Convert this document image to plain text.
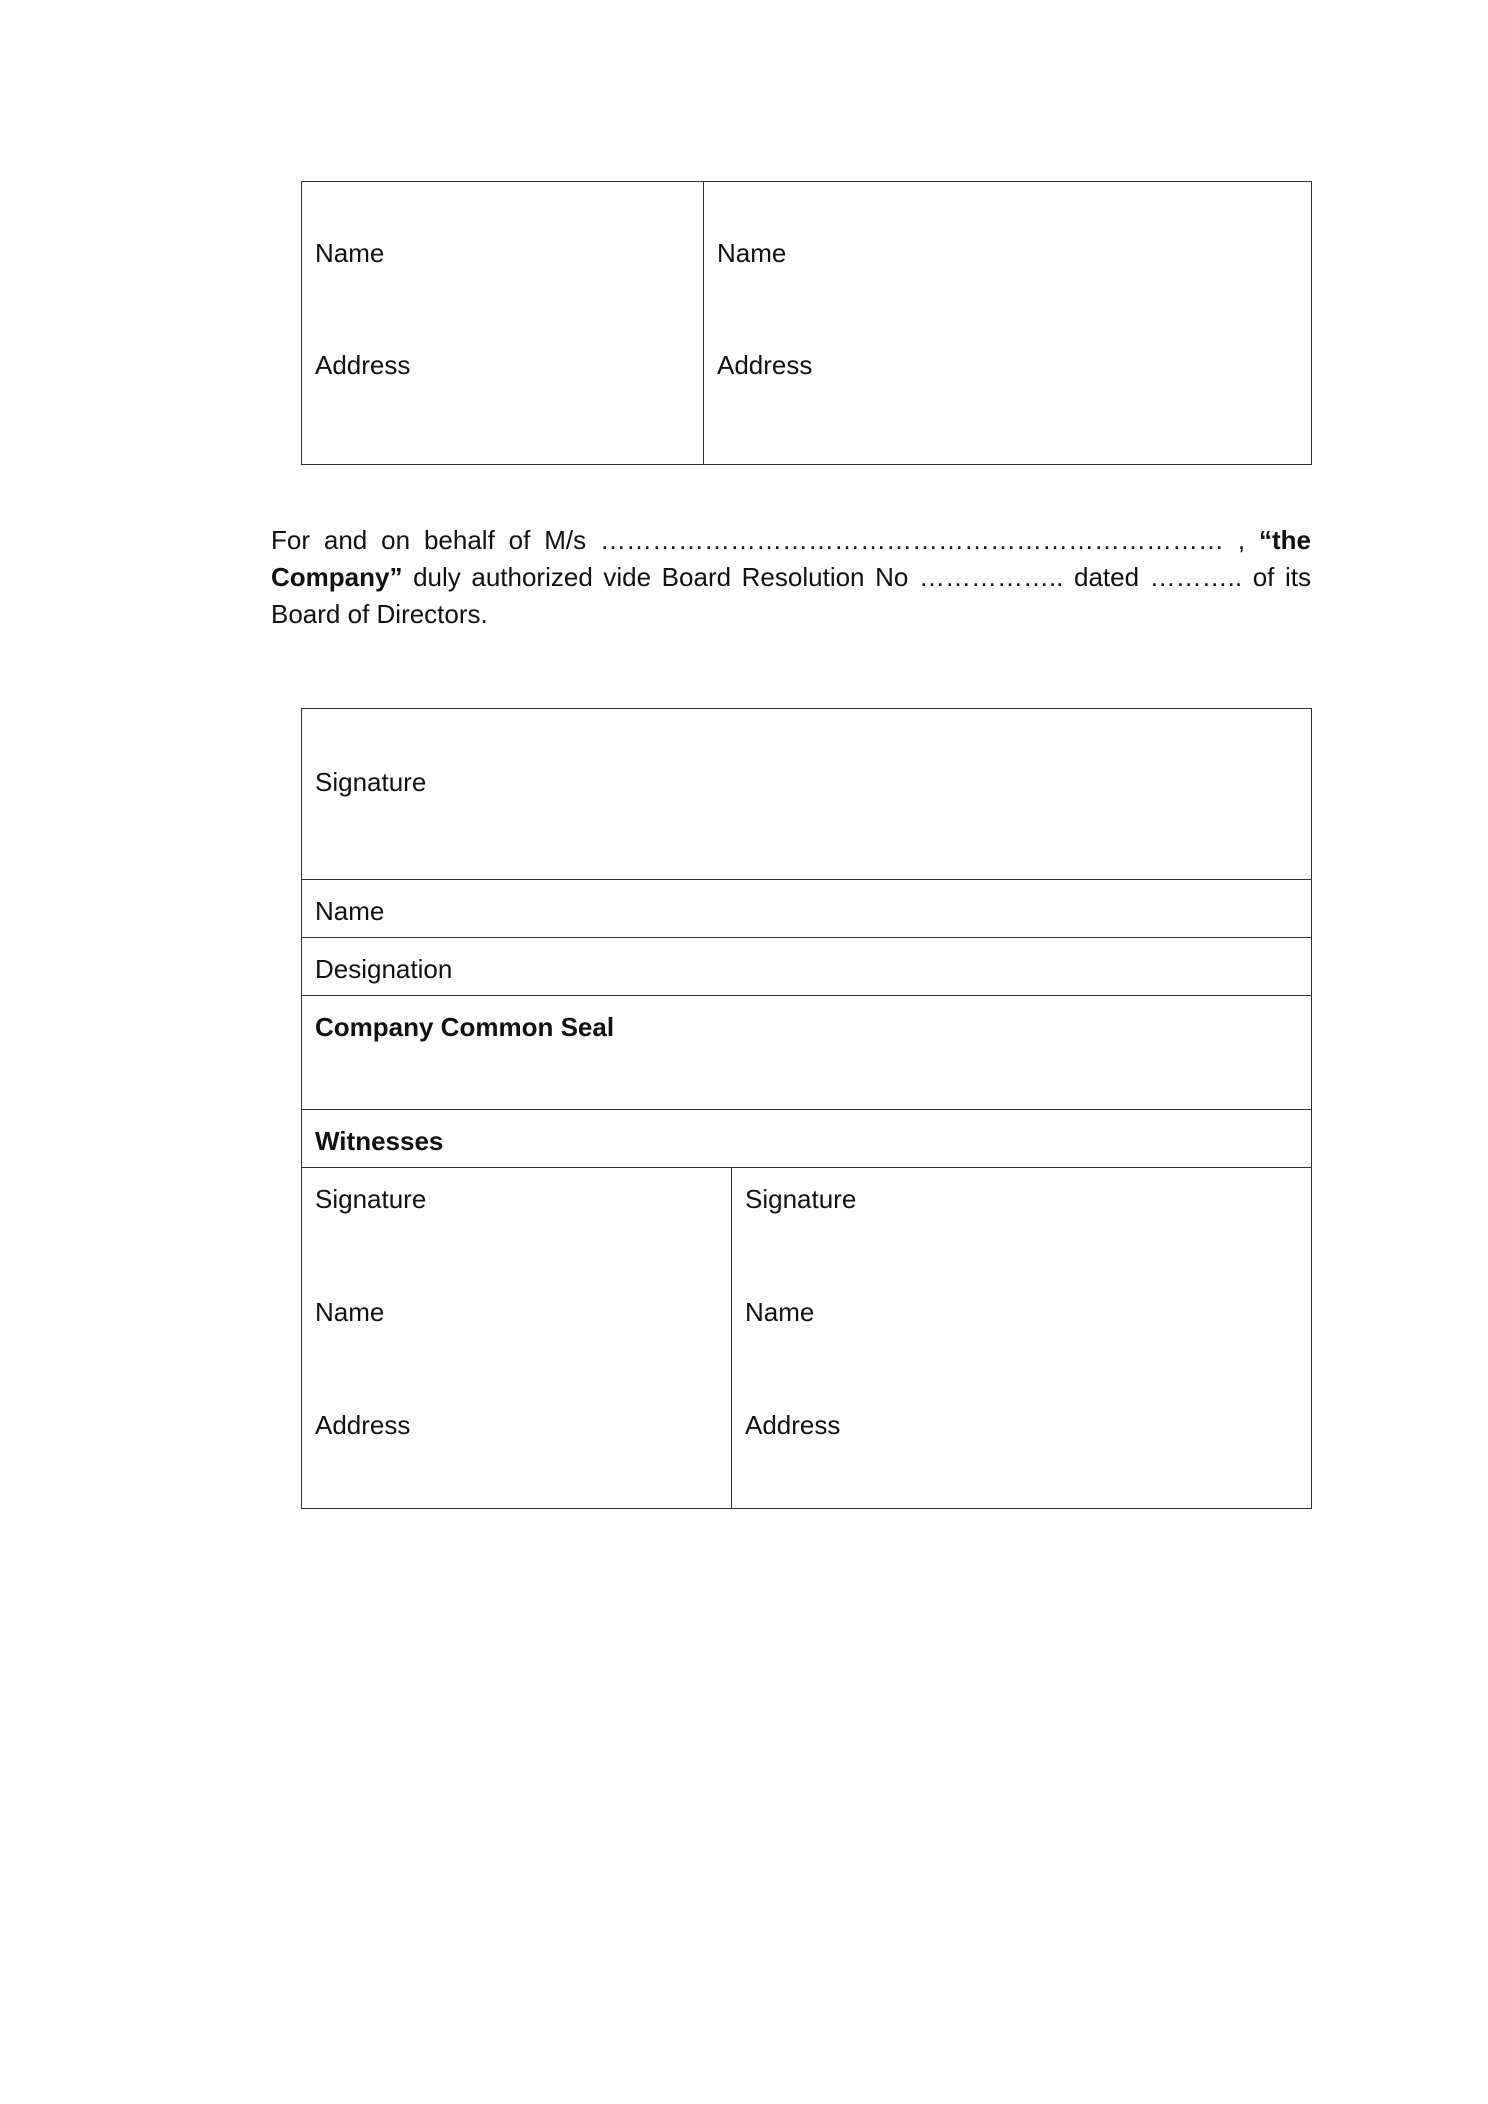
Name
Address

Name
Address
For and on behalf of M/s ……………………………………………………………… , “the Company” duly authorized vide Board Resolution No …………….. dated ……….. of its Board of Directors.
Signature
Name
Designation
Company Common Seal
Witnesses

Signature
Name
Address

Signature
Name
Address
